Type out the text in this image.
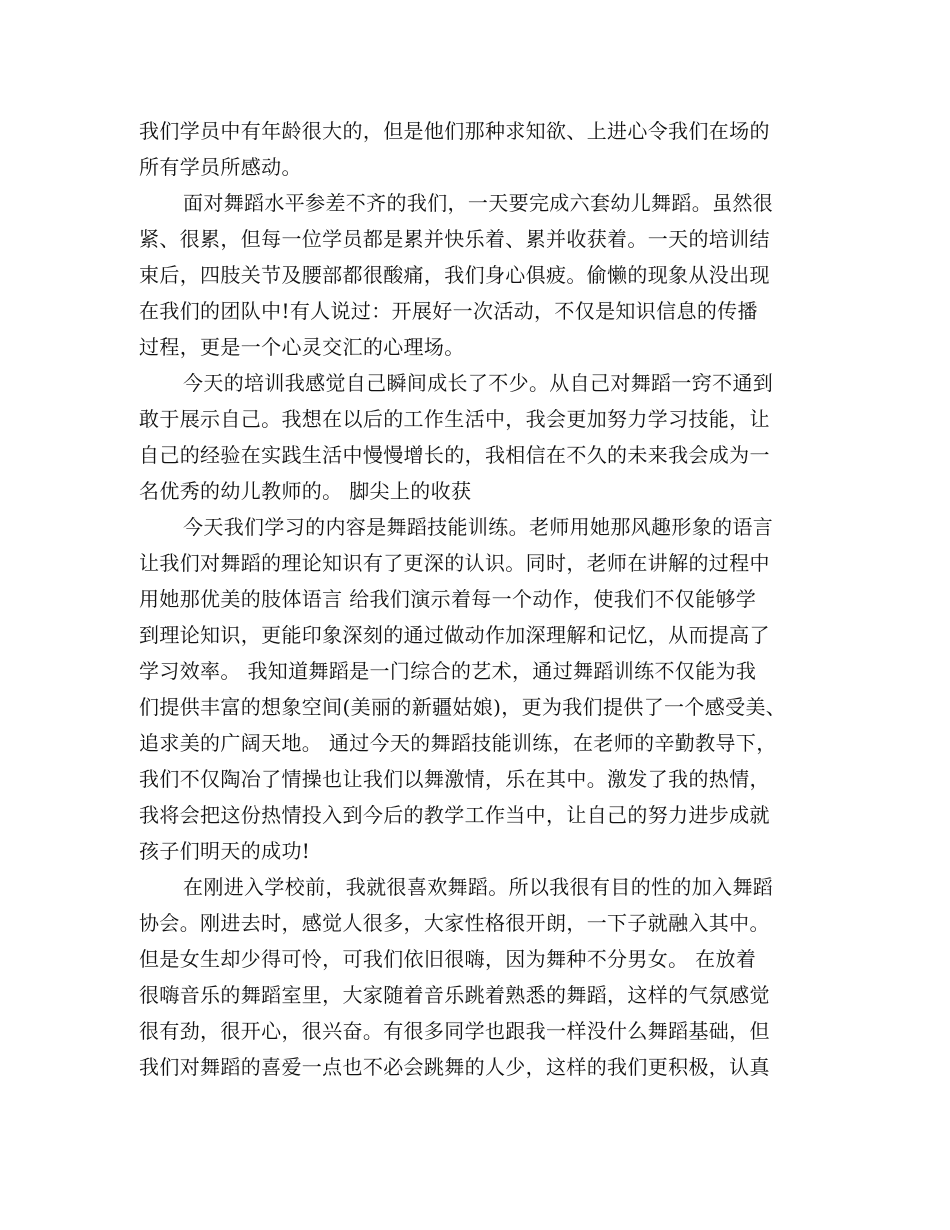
我们学员中有年龄很大的，但是他们那种求知欲、上进心令我们在场的
所有学员所感动。
面对舞蹈水平参差不齐的我们，一天要完成六套幼儿舞蹈。虽然很
紧、很累，但每一位学员都是累并快乐着、累并收获着。一天的培训结
束后，四肢关节及腰部都很酸痛，我们身心俱疲。偷懒的现象从没出现
在我们的团队中!有人说过：开展好一次活动，不仅是知识信息的传播
过程，更是一个心灵交汇的心理场。
今天的培训我感觉自己瞬间成长了不少。从自己对舞蹈一窍不通到
敢于展示自己。我想在以后的工作生活中，我会更加努力学习技能，让
自己的经验在实践生活中慢慢增长的，我相信在不久的未来我会成为一
名优秀的幼儿教师的。 脚尖上的收获
今天我们学习的内容是舞蹈技能训练。老师用她那风趣形象的语言
让我们对舞蹈的理论知识有了更深的认识。同时，老师在讲解的过程中
用她那优美的肢体语言 给我们演示着每一个动作，使我们不仅能够学
到理论知识，更能印象深刻的通过做动作加深理解和记忆，从而提高了
学习效率。 我知道舞蹈是一门综合的艺术，通过舞蹈训练不仅能为我
们提供丰富的想象空间(美丽的新疆姑娘)，更为我们提供了一个感受美、
追求美的广阔天地。 通过今天的舞蹈技能训练，在老师的辛勤教导下，
我们不仅陶冶了情操也让我们以舞激情，乐在其中。激发了我的热情，
我将会把这份热情投入到今后的教学工作当中，让自己的努力进步成就
孩子们明天的成功!
在刚进入学校前，我就很喜欢舞蹈。所以我很有目的性的加入舞蹈
协会。刚进去时，感觉人很多，大家性格很开朗，一下子就融入其中。
但是女生却少得可怜，可我们依旧很嗨，因为舞种不分男女。 在放着
很嗨音乐的舞蹈室里，大家随着音乐跳着熟悉的舞蹈，这样的气氛感觉
很有劲，很开心，很兴奋。有很多同学也跟我一样没什么舞蹈基础，但
我们对舞蹈的喜爱一点也不必会跳舞的人少，这样的我们更积极，认真
